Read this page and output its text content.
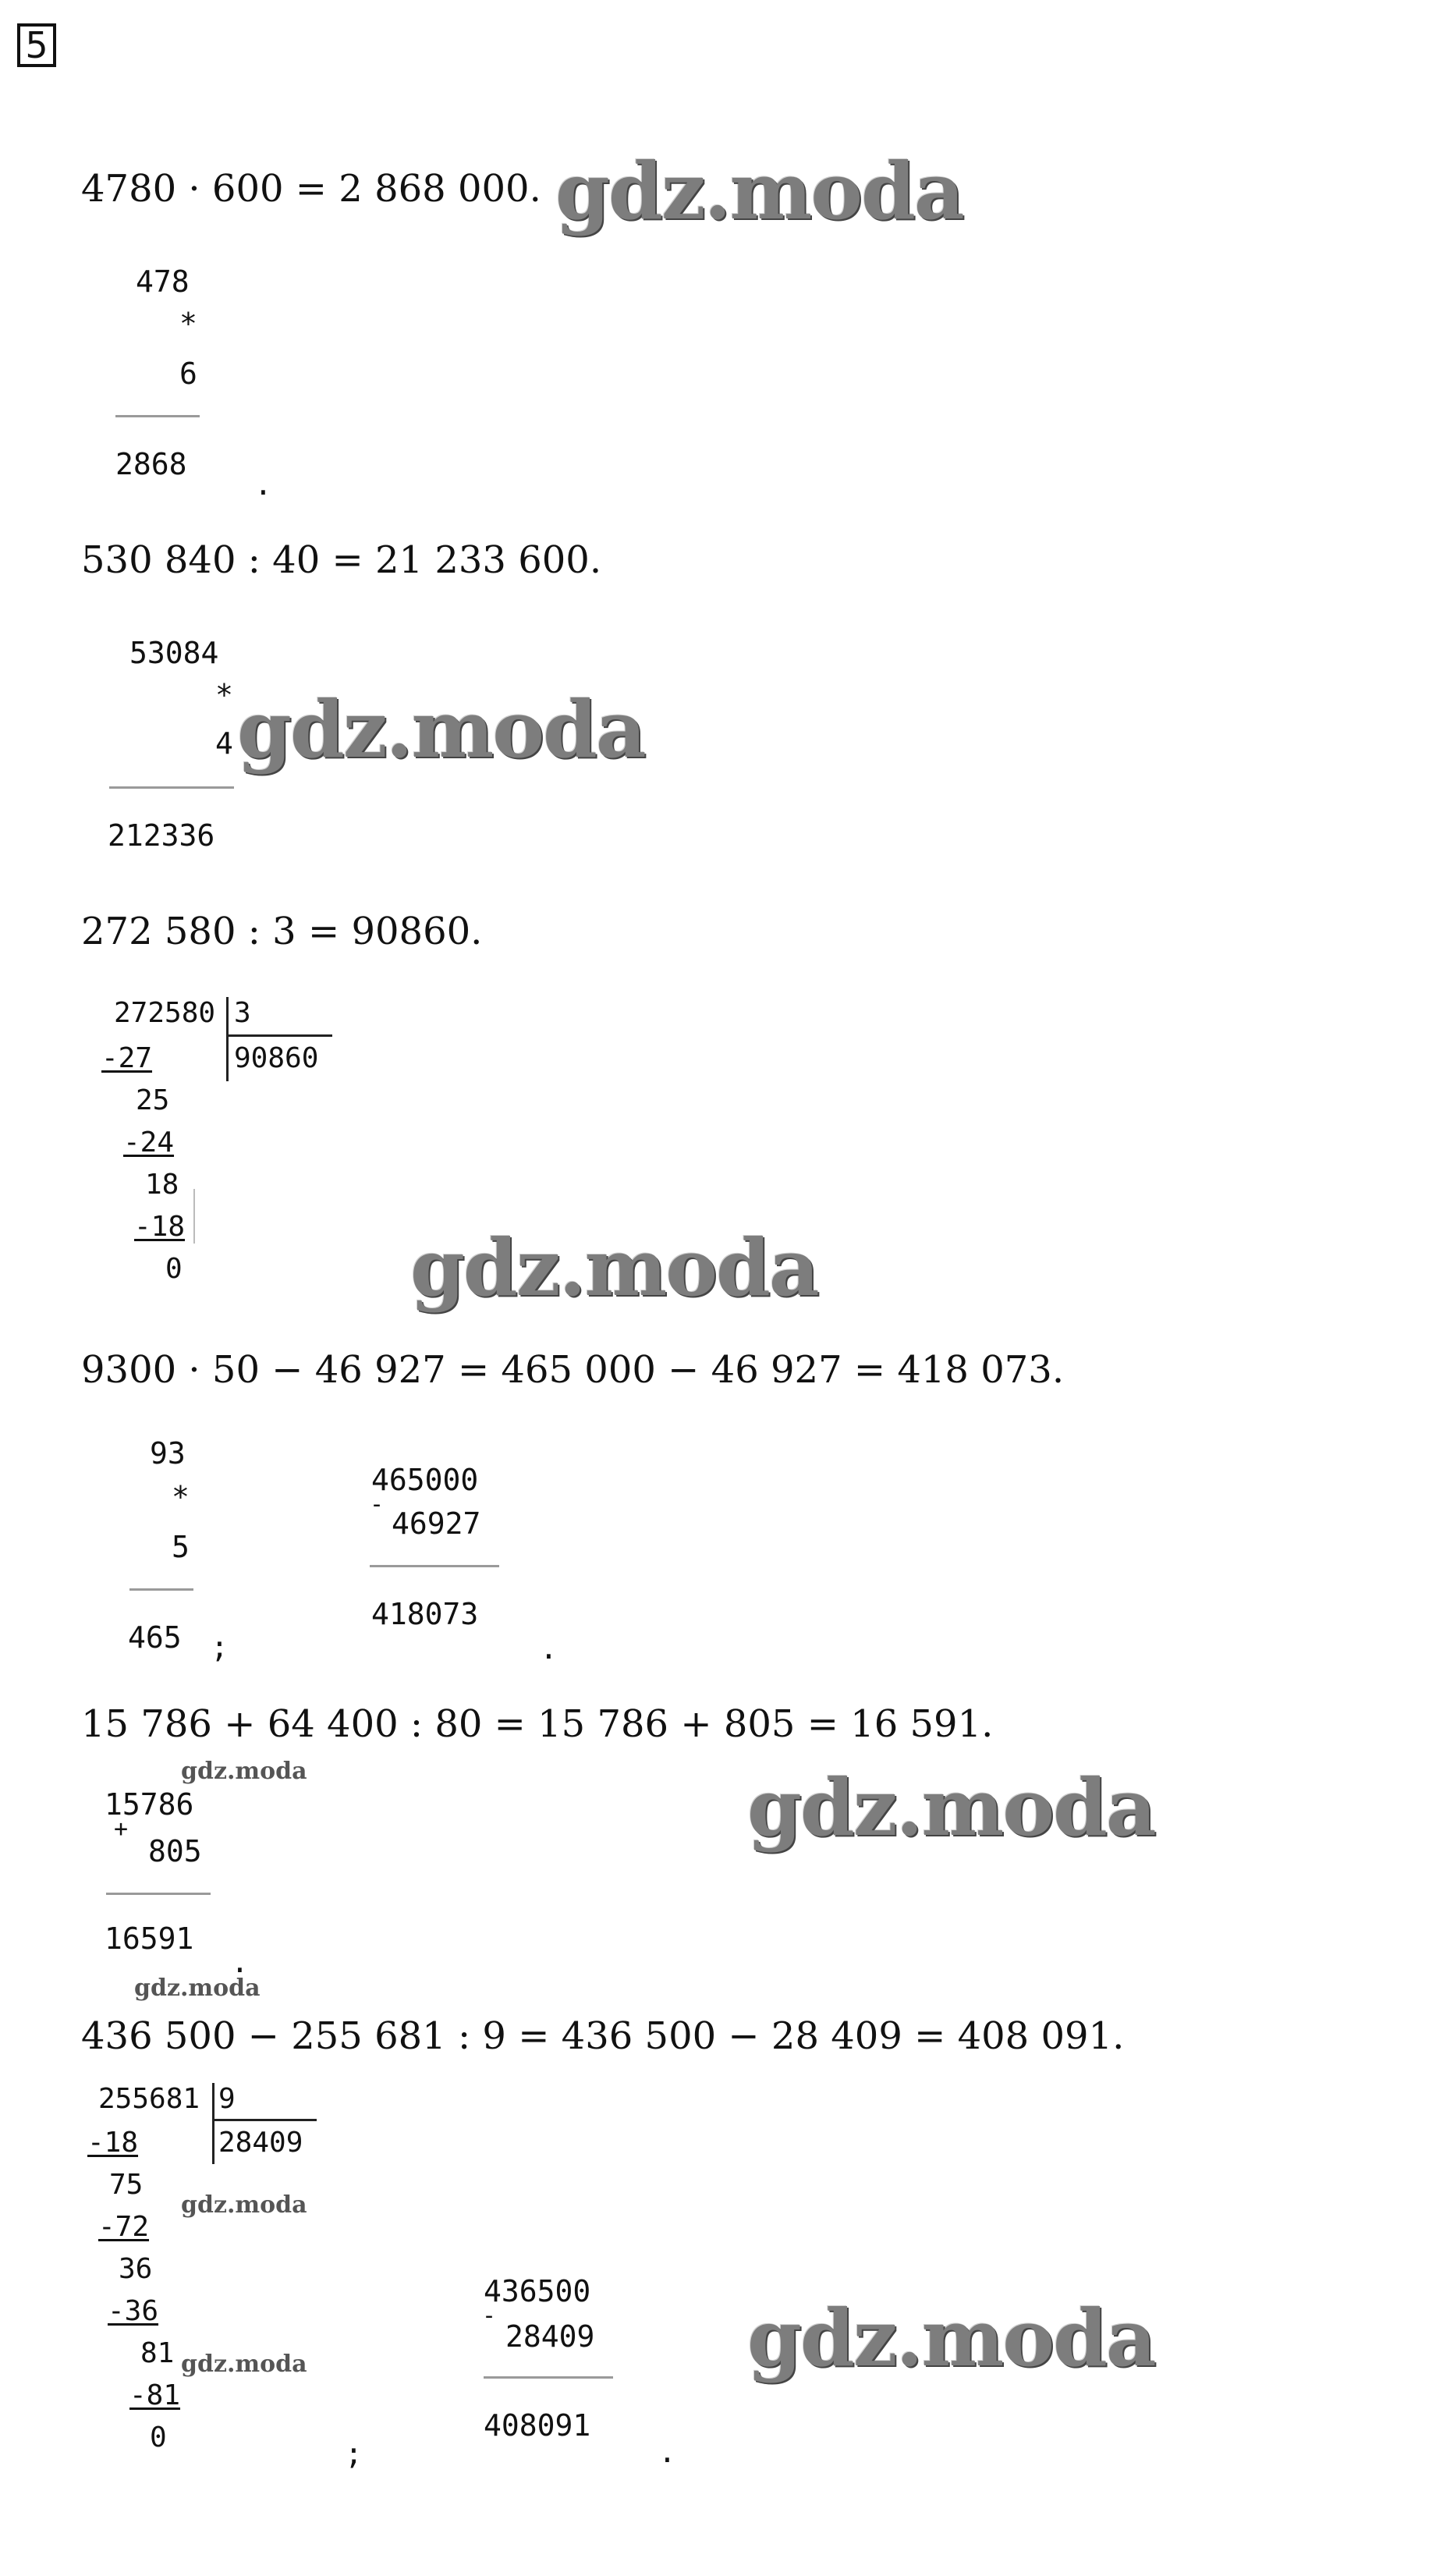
5
4780 · 600 = 2 868 000. gdz.moda
478
*
6
2868
.
530 840 : 40 = 21 233 600.
53084
*
4 gdz.moda
212336
272 580 : 3 = 90860.
272580 3
90860
-27
25
-24
18
-18
0	gdz.moda
9300 · 50 − 46 927 = 465 000 − 46 927 = 418 073.
93
*
5
465 ;
465000
-
46927
418073
.
15 786 + 64 400 : 80 = 15 786 + 805 = 16 591.
gdz.moda
15786
+
805
16591
.
gdz.moda
gdz.moda
436 500 − 255 681 : 9 = 436 500 − 28 409 = 408 091.
255681 9
28409
-18
75
-72
36
-36
81
-81
0
gdz.moda
gdz.moda
;
436500
-
28409
408091
.
gdz.moda
